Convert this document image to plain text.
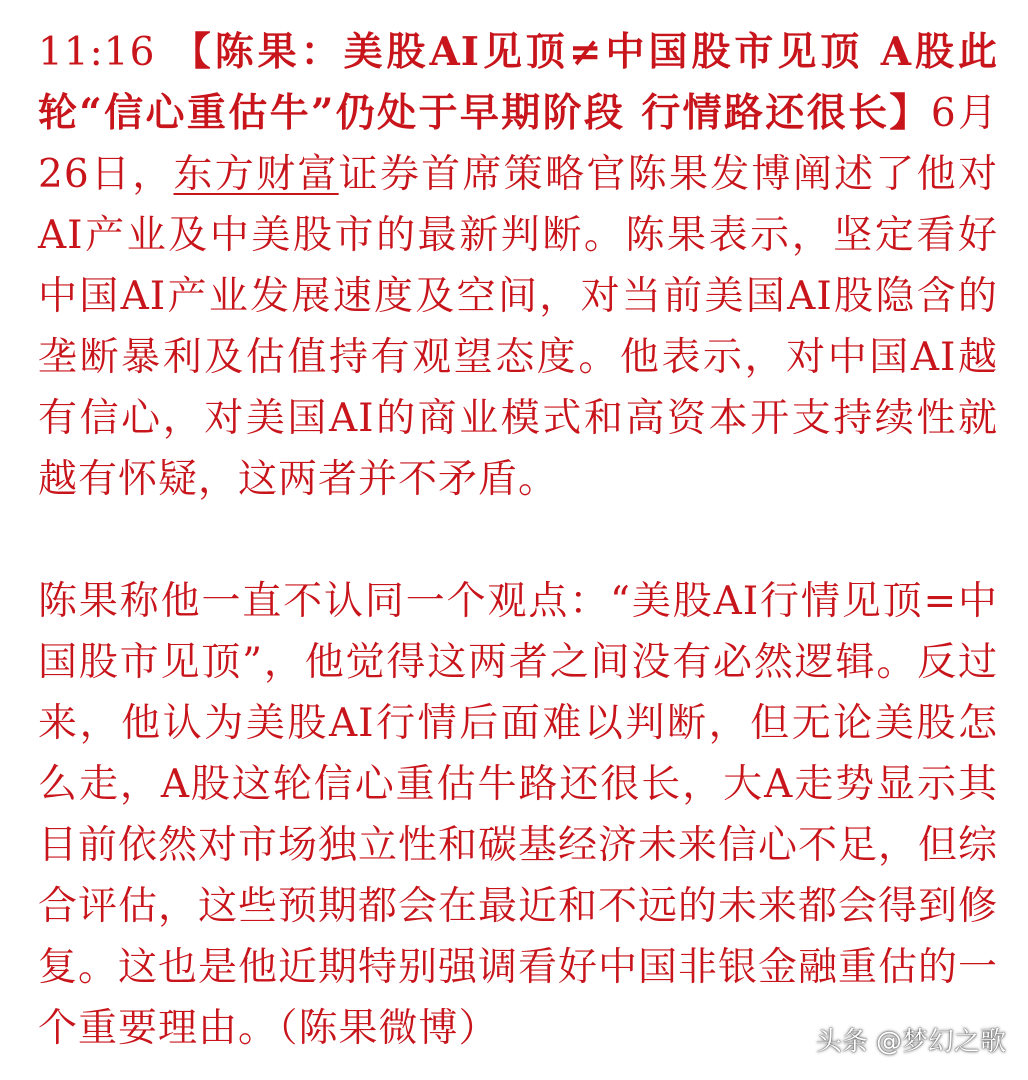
11:16 【陈果：美股AI见顶≠中国股市见顶 A股此轮“信心重估牛”仍处于早期阶段 行情路还很长】6月26日，东方财富证券首席策略官陈果发博阐述了他对AI产业及中美股市的最新判断。陈果表示，坚定看好中国AI产业发展速度及空间，对当前美国AI股隐含的垄断暴利及估值持有观望态度。他表示，对中国AI越有信心，对美国AI的商业模式和高资本开支持续性就越有怀疑，这两者并不矛盾。

陈果称他一直不认同一个观点：“美股AI行情见顶=中国股市见顶”，他觉得这两者之间没有必然逻辑。反过来，他认为美股AI行情后面难以判断，但无论美股怎么走，A股这轮信心重估牛路还很长，大A走势显示其目前依然对市场独立性和碳基经济未来信心不足，但综合评估，这些预期都会在最近和不远的未来都会得到修复。这也是他近期特别强调看好中国非银金融重估的一个重要理由。（陈果微博）	头条 @梦幻之歌
